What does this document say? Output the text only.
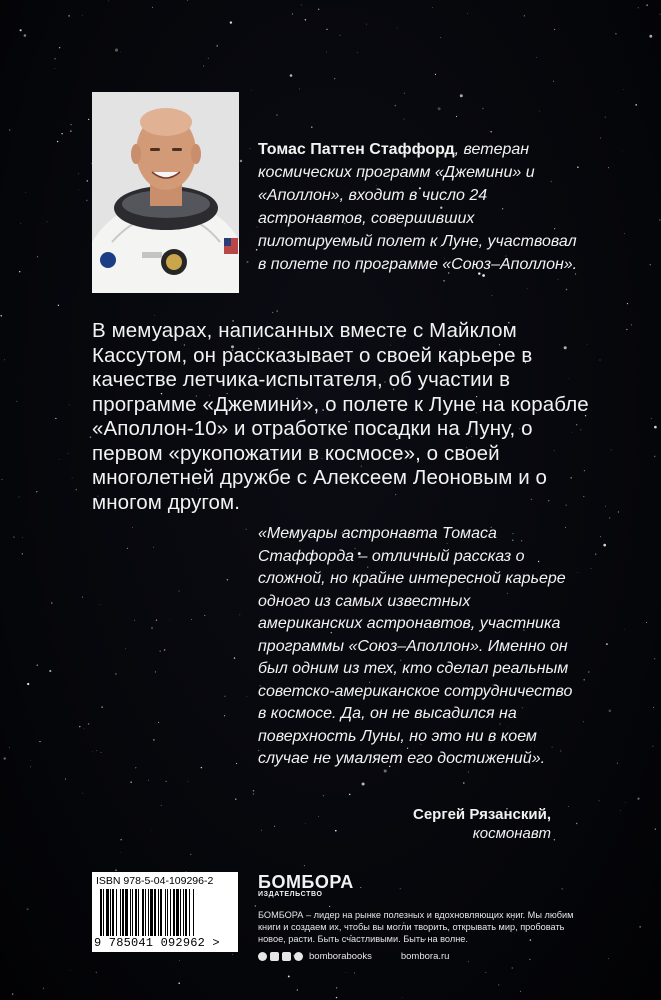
Томас Паттен Стаффорд, ветеран космических программ «Джемини» и «Аполлон», входит в число 24 астронавтов, совершивших пилотируемый полет к Луне, участвовал в полете по программе «Союз–Аполлон».
В мемуарах, написанных вместе с Майклом Кассутом, он рассказывает о своей карьере в качестве летчика-испытателя, об участии в программе «Джемини», о полете к Луне на корабле «Аполлон-10» и отработке посадки на Луну, о первом «рукопожатии в космосе», о своей многолетней дружбе с Алексеем Леоновым и о многом другом.
«Мемуары астронавта Томаса Стаффорда – отличный рассказ о сложной, но крайне интересной карьере одного из самых известных американских астронавтов, участника программы «Союз–Аполлон». Именно он был одним из тех, кто сделал реальным советско-американское сотрудничество в космосе. Да, он не высадился на поверхность Луны, но это ни в коем случае не умаляет его достижений».
Сергей Рязанский,
космонавт
ISBN 978-5-04-109296-2
9 785041 092962 >
БОМБОРА
ИЗДАТЕЛЬСТВО
БОМБОРА – лидер на рынке полезных и вдохновляющих книг. Мы любим книги и создаем их, чтобы вы могли творить, открывать мир, пробовать новое, расти. Быть счастливыми. Быть на волне.
bomborabooks	bombora.ru
